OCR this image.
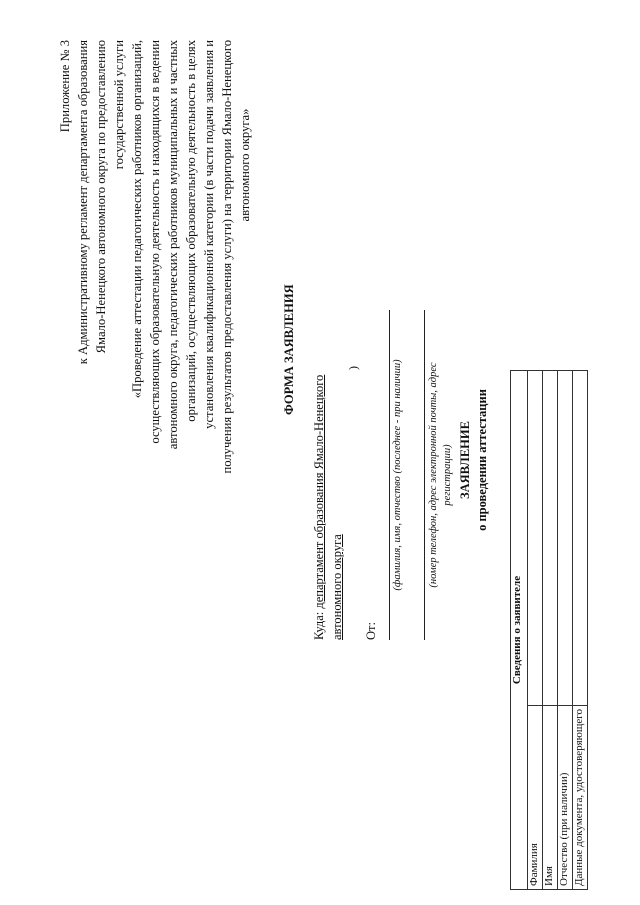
Приложение № 3 к Административному регламент департамента образования Ямало-Ненецкого автономного округа по предоставлению государственной услуги «Проведение аттестации педагогических работников организаций, осуществляющих образовательную деятельность и находящихся в ведении автономного округа, педагогических работников муниципальных и частных организаций, осуществляющих образовательную деятельность в целях установления квалификационной категории (в части подачи заявления и получения результатов предоставления услуги) на территории Ямало-Ненецкого автономного округа»
ФОРМА ЗАЯВЛЕНИЯ
Куда: департамент образования Ямало-Ненецкого автономного округа
)
От:
(фамилия, имя, отчество (последнее - при наличии) (номер телефон, адрес электронной почты, адрес регистрации) ЗАЯВЛЕНИЕ о проведении аттестации
Сведения о заявителе	
Фамилия	
Имя	
Отчество (при наличии)	
Данные документа, удостоверяющего	
